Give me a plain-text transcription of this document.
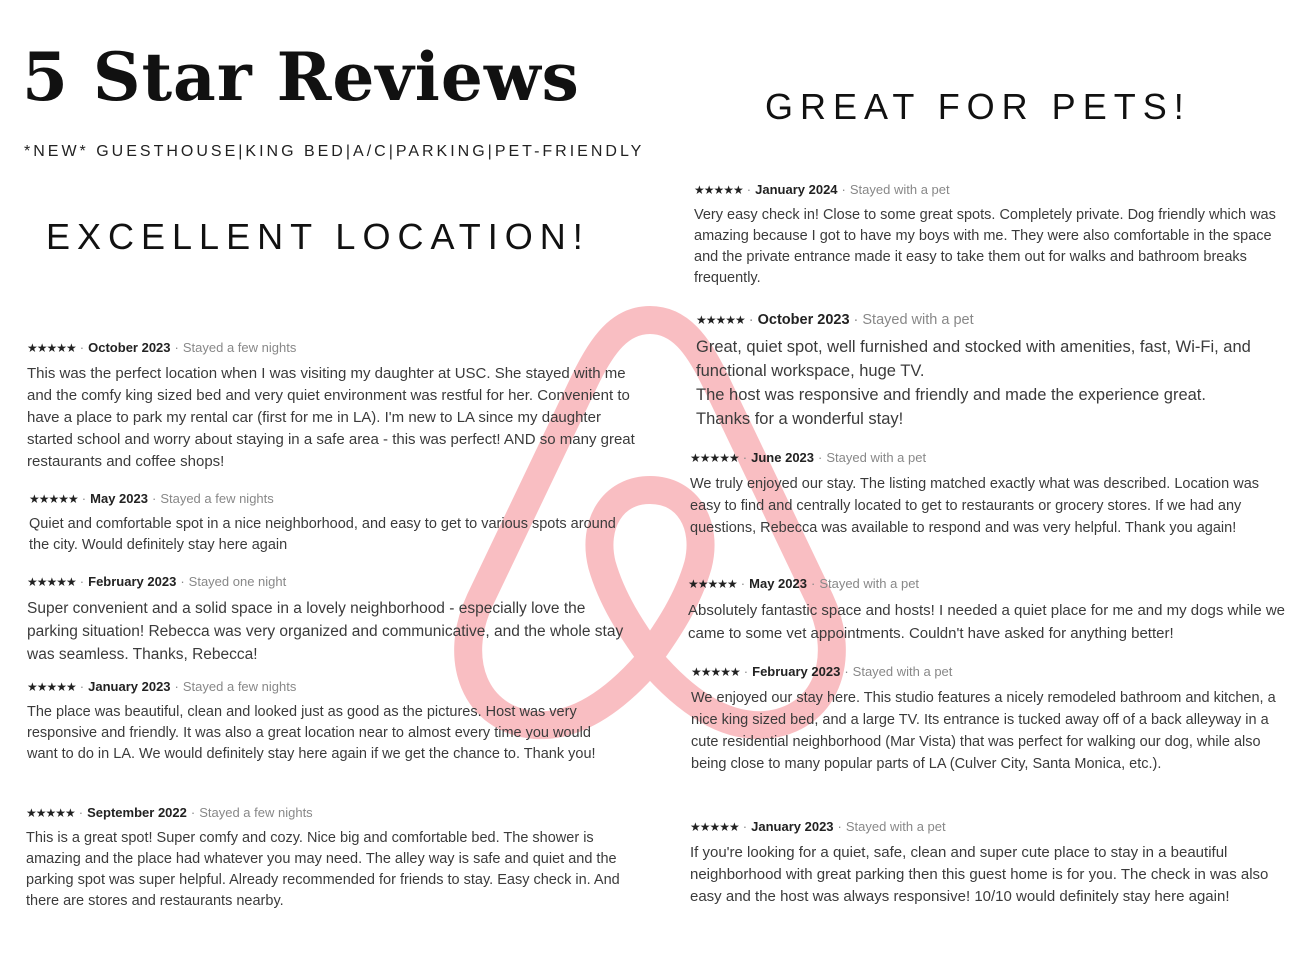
5 Star Reviews
*NEW* GUESTHOUSE|KING BED|A/C|PARKING|PET-FRIENDLY
EXCELLENT LOCATION!
GREAT FOR PETS!
★★★★★ · October 2023 · Stayed a few nights
This was the perfect location when I was visiting my daughter at USC. She stayed with me and the comfy king sized bed and very quiet environment was restful for her. Convenient to have a place to park my rental car (first for me in LA). I'm new to LA since my daughter started school and worry about staying in a safe area - this was perfect! AND so many great restaurants and coffee shops!
★★★★★ · May 2023 · Stayed a few nights
Quiet and comfortable spot in a nice neighborhood, and easy to get to various spots around the city. Would definitely stay here again
★★★★★ · February 2023 · Stayed one night
Super convenient and a solid space in a lovely neighborhood - especially love the parking situation! Rebecca was very organized and communicative, and the whole stay was seamless. Thanks, Rebecca!
★★★★★ · January 2023 · Stayed a few nights
The place was beautiful, clean and looked just as good as the pictures. Host was very responsive and friendly. It was also a great location near to almost every time you would want to do in LA. We would definitely stay here again if we get the chance to. Thank you!
★★★★★ · September 2022 · Stayed a few nights
This is a great spot! Super comfy and cozy. Nice big and comfortable bed. The shower is amazing and the place had whatever you may need. The alley way is safe and quiet and the parking spot was super helpful. Already recommended for friends to stay. Easy check in. And there are stores and restaurants nearby.
★★★★★ · January 2024 · Stayed with a pet
Very easy check in! Close to some great spots. Completely private. Dog friendly which was amazing because I got to have my boys with me. They were also comfortable in the space and the private entrance made it easy to take them out for walks and bathroom breaks frequently.
★★★★★ · October 2023 · Stayed with a pet
Great, quiet spot, well furnished and stocked with amenities, fast, Wi-Fi, and functional workspace, huge TV.
The host was responsive and friendly and made the experience great.
Thanks for a wonderful stay!
★★★★★ · June 2023 · Stayed with a pet
We truly enjoyed our stay. The listing matched exactly what was described. Location was easy to find and centrally located to get to restaurants or grocery stores. If we had any questions, Rebecca was available to respond and was very helpful. Thank you again!
★★★★★ · May 2023 · Stayed with a pet
Absolutely fantastic space and hosts! I needed a quiet place for me and my dogs while we came to some vet appointments. Couldn't have asked for anything better!
★★★★★ · February 2023 · Stayed with a pet
We enjoyed our stay here. This studio features a nicely remodeled bathroom and kitchen, a nice king sized bed, and a large TV. Its entrance is tucked away off of a back alleyway in a cute residential neighborhood (Mar Vista) that was perfect for walking our dog, while also being close to many popular parts of LA (Culver City, Santa Monica, etc.).
★★★★★ · January 2023 · Stayed with a pet
If you're looking for a quiet, safe, clean and super cute place to stay in a beautiful neighborhood with great parking then this guest home is for you. The check in was also easy and the host was always responsive! 10/10 would definitely stay here again!
